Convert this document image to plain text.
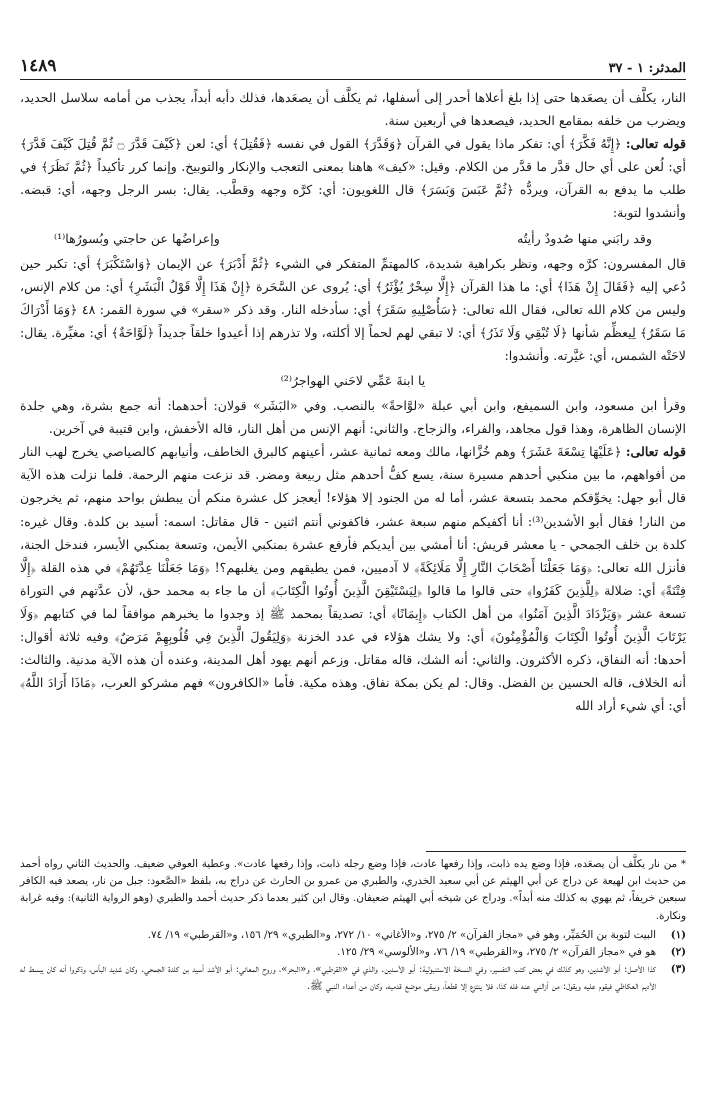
المدثر: ١ - ٣٧
١٤٨٩

النار، يكلَّف أن يصعَدها حتى إذا بلغ أعلاها أحدر إلى أسفلها، ثم يكلَّف أن يصعَدها، فذلك دأبه أبداً، يجذب من أمامه سلاسل الحديد، ويضرب من خلفه بمقامع الحديد، فيصعدها في أربعين سنة.

قوله تعالى: ﴿إِنَّهُ فَكَّرَ﴾ أي: تفكر ماذا يقول في القرآن ﴿وَقَدَّرَ﴾ القول في نفسه ﴿فَقُتِلَ﴾ أي: لعن ﴿كَيْفَ قَدَّرَ ۝ ثُمَّ قُتِلَ كَيْفَ قَدَّرَ﴾ أي: لُعن على أي حال قدَّر ما قدَّر من الكلام. وقيل: «كيف» هاهنا بمعنى التعجب والإنكار والتوبيخ. وإنما كرر تأكيداً ﴿ثُمَّ نَظَرَ﴾ في طلب ما يدفع به القرآن، ويردُّه ﴿ثُمَّ عَبَسَ وَبَسَرَ﴾ قال اللغويون: أي: كرَّه وجهه وقطَّب. يقال: بسر الرجل وجهه، أي: قبضه. وأنشدوا لتوبة:

وقد رابَني منها صُدودٌ رأيتُه
وإعراضُها عن حاجتي وبُسورُها⁽¹⁾

قال المفسرون: كرَّه وجهه، ونظر بكراهية شديدة، كالمهتمِّ المتفكر في الشيء ﴿ثُمَّ أَدْبَرَ﴾ عن الإيمان ﴿وَاسْتَكْبَرَ﴾ أي: تكبر حين دُعي إليه ﴿فَقَالَ إِنْ هَذَا﴾ أي: ما هذا القرآن ﴿إِلَّا سِحْرٌ يُؤْثَرُ﴾ أي: يُروى عن السَّحَرة ﴿إِنْ هَذَا إِلَّا قَوْلُ الْبَشَرِ﴾ أي: من كلام الإنس، وليس من كلام الله تعالى، فقال الله تعالى: ﴿سَأُصْلِيهِ سَقَرَ﴾ أي: سأدخله النار. وقد ذكر «سقر» في سورة القمر: ٤٨ ﴿وَمَا أَدْرَاكَ مَا سَقَرُ﴾ لِيعظِّم شأنها ﴿لَا تُبْقِي وَلَا تَذَرُ﴾ أي: لا تبقي لهم لحماً إلا أكلته، ولا تذرهم إذا أعيدوا خلقاً جديداً ﴿لَوَّاحَةٌ﴾ أي: مغيِّرة. يقال: لاحَتْه الشمس، أي: غيَّرته. وأنشدوا:

يا ابنةَ عَمِّي لاحَني الهواجرُ⁽²⁾

وقرأ ابن مسعود، وابن السميفع، وابن أبي عبلة «لوَّاحةً» بالنصب. وفي «البَشَر» قولان: أحدهما: أنه جمع بشرة، وهي جلدة الإنسان الظاهرة، وهذا قول مجاهد، والفراء، والزجاج. والثاني: أنهم الإنس من أهل النار، قاله الأخفش، وابن قتيبة في آخرين.

قوله تعالى: ﴿عَلَيْهَا تِسْعَةَ عَشَرَ﴾ وهم خُزَّانها، مالك ومعه ثمانية عشر، أعينهم كالبرق الخاطف، وأنيابهم كالصياصي يخرج لهب النار من أفواههم، ما بين منكبي أحدهم مسيرة سنة، يسع كفُّ أحدهم مثل ربيعة ومضر. قد نزعت منهم الرحمة. فلما نزلت هذه الآية قال أبو جهل: يخوِّفكم محمد بتسعة عشر، أما له من الجنود إلا هؤلاء! أيعجز كل عشرة منكم أن يبطش بواحد منهم، ثم يخرجون من النار! فقال أبو الأشدين⁽³⁾: أنا أكفيكم منهم سبعة عشر، فاكفوني أنتم اثنين - قال مقاتل: اسمه: أسيد بن كلدة. وقال غيره: كلدة بن خلف الجمحي - يا معشر قريش: أنا أمشي بين أيديكم فأرفع عشرة بمنكبي الأيمن، وتسعة بمنكبي الأيسر، فندخل الجنة، فأنزل الله تعالى: ﴿وَمَا جَعَلْنَا أَصْحَابَ النَّارِ إِلَّا مَلَائِكَةً﴾ لا آدميين، فمن يطيقهم ومن يغلبهم؟! ﴿وَمَا جَعَلْنَا عِدَّتَهُمْ﴾ في هذه القلة ﴿إِلَّا فِتْنَةً﴾ أي: ضلالة ﴿لِلَّذِينَ كَفَرُوا﴾ حتى قالوا ما قالوا ﴿لِيَسْتَيْقِنَ الَّذِينَ أُوتُوا الْكِتَابَ﴾ أن ما جاء به محمد حق، لأن عدَّتهم في التوراة تسعة عشر ﴿وَيَزْدَادَ الَّذِينَ آمَنُوا﴾ من أهل الكتاب ﴿إِيمَانًا﴾ أي: تصديقاً بمحمد ﷺ إذ وجدوا ما يخبرهم موافقاً لما في كتابهم ﴿وَلَا يَرْتَابَ الَّذِينَ أُوتُوا الْكِتَابَ وَالْمُؤْمِنُونَ﴾ أي: ولا يشك هؤلاء في عدد الخزنة ﴿وَلِيَقُولَ الَّذِينَ فِي قُلُوبِهِمْ مَرَضٌ﴾ وفيه ثلاثة أقوال: أحدها: أنه النفاق، ذكره الأكثرون. والثاني: أنه الشك، قاله مقاتل. وزعم أنهم يهود أهل المدينة، وعنده أن هذه الآية مدنية. والثالث: أنه الخلاف، قاله الحسين بن الفضل. وقال: لم يكن بمكة نفاق. وهذه مكية. فأما «الكافرون» فهم مشركو العرب، ﴿مَاذَا أَرَادَ اللَّهُ﴾ أي: أي شيء أراد الله

* من نار يكلَّف أن يصعَده، فإذا وضع يده ذابت، وإذا رفعها عادت، فإذا وضع رجله ذابت، وإذا رفعها عادت». وعطية العوفي ضعيف. والحديث الثاني رواه أحمد من حديث ابن لهيعة عن دراج عن أبي الهيثم عن أبي سعيد الخدري، والطبري من عمرو بن الحارث عن دراج به، بلفظ «الصَّعود: جبل من نار، يصعد فيه الكافر سبعين خريفاً، ثم يهوي به كذلك منه أبداً». ودراج عن شيخه أبي الهيثم ضعيفان. وقال ابن كثير بعدما ذكر حديث أحمد والطبري (وهو الرواية الثانية): وفيه غرابة ونكارة.

(١)
البيت لتوبة بن الحُمَيِّر، وهو في «مجاز القرآن» ٢/ ٢٧٥، و«الأغاني» ١٠/ ٢٧٢، و«الطبري» ٢٩/ ١٥٦، و«القرطبي» ١٩/ ٧٤.
(٢)
هو في «مجاز القرآن» ٢/ ٢٧٥، و«القرطبي» ١٩/ ٧٦، و«الألوسي» ٢٩/ ١٢٥.
(٣)
كذا الأصل: أبو الأشدين، وهو كذلك في بعض كتب التفسير، وفي النسخة الاستنبولية: أبو الأسدين. والذي في «القرطبي»، و«البحر»، وروح المعاني: أبو الأشد أسيد بن كلدة الجمحي. وكان شديد البأس، وذكروا أنه كان يبسط له الأديم العكاظي فيقوم عليه ويقول: من أزالني عنه فله كذا، فلا ينتزع إلا قطعاً، ويبقى موضع قدميه، وكان من أعداء النبي ﷺ.
